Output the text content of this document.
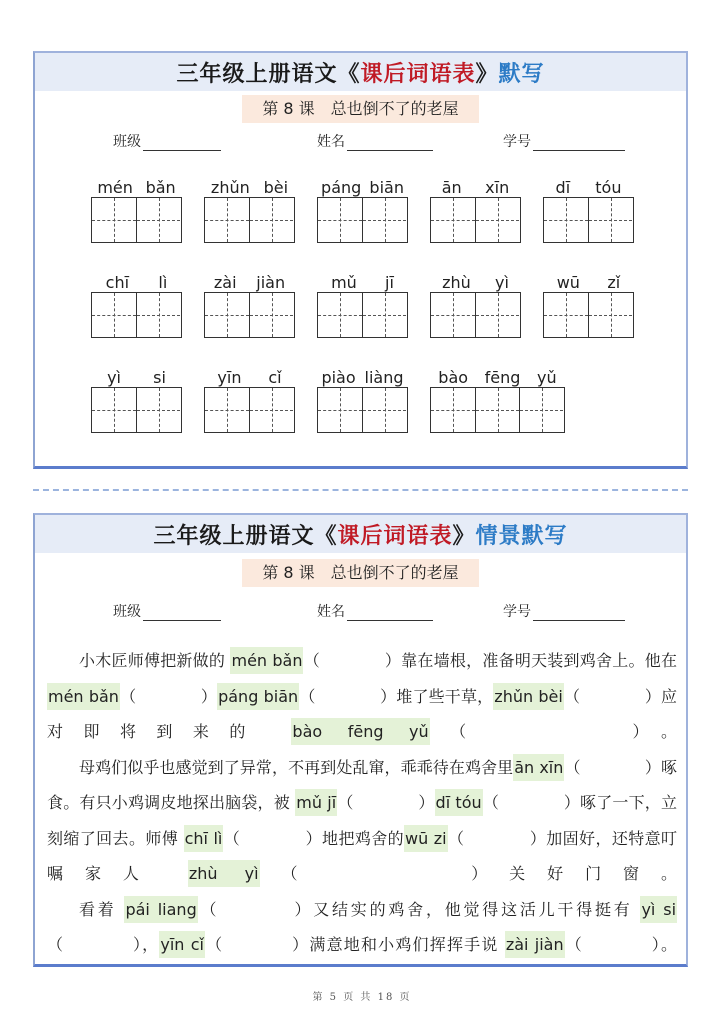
三年级上册语文《 课后词语表 》 默写
第 8 课　总也倒不了的老屋
班级	姓名	学号
mén bǎn zhǔn bèi páng biān ān xīn	dī tóu
chī lì	zài jiàn	mǔ jī	zhù yì	wū zǐ
yì si	yīn cǐ piào liàng bào fēng yǔ
三年级上册语文《 课后词语表 》 情景默写
第 8 课　总也倒不了的老屋
班级	姓名	学号

小木匠师傅把新做的 mén bǎn（　　　　）靠在墙根，准备明天装到鸡舍上。他在 mén bǎn（　　　　）páng biān（　　　　）堆了些干草，zhǔn bèi（　　　　）应对即将到来的 bào fēng yǔ（　　　　）。

母鸡们似乎也感觉到了异常，不再到处乱窜，乖乖待在鸡舍里ān xīn（　　　　）啄食。有只小鸡调皮地探出脑袋，被 mǔ jī（　　　　）dī tóu（　　　　）啄了一下，立刻缩了回去。师傅 chī lì（　　　　）地把鸡舍的wū zi（　　　　）加固好，还特意叮嘱家人 zhù yì（　　　　）关好门窗。

看着 pái liang（　　　　）又结实的鸡舍，他觉得这活儿干得挺有 yì si（　　　　），yīn cǐ（　　　　）满意地和小鸡们挥挥手说 zài jiàn（　　　　）。

第 5 页 共 18 页
